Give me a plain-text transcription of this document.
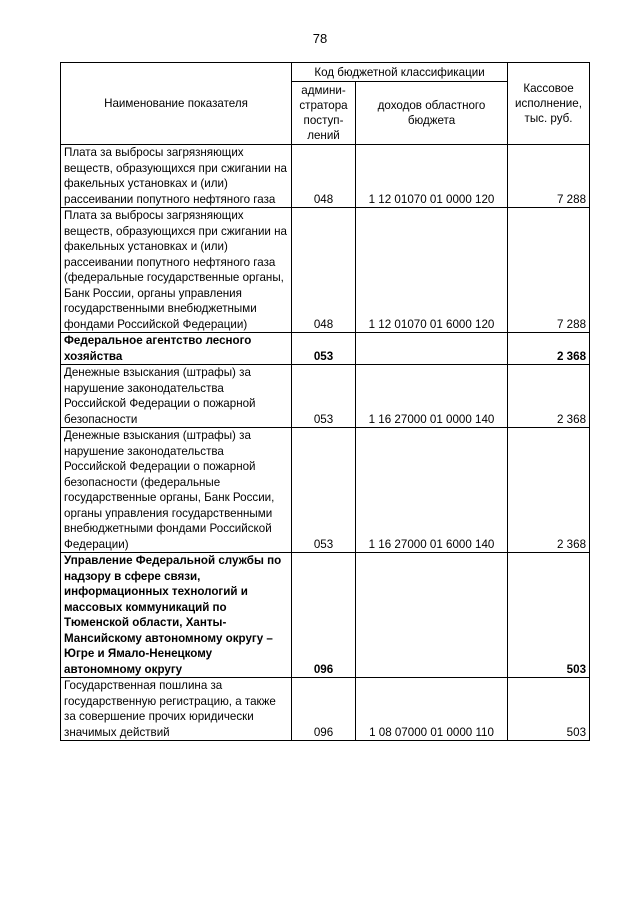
78
Наименование показателя	Код бюджетной классификации		Кассовое исполнение, тыс. руб.
	админи-стратора поступ-лений	доходов областного бюджета	
Плата за выбросы загрязняющих веществ, образующихся при сжигании на факельных установках и (или) рассеивании попутного нефтяного газа	048	1 12 01070 01 0000 120	7 288
Плата за выбросы загрязняющих веществ, образующихся при сжигании на факельных установках и (или) рассеивании попутного нефтяного газа (федеральные государственные органы, Банк России, органы управления государственными внебюджетными фондами Российской Федерации)	048	1 12 01070 01 6000 120	7 288
Федеральное агентство лесного хозяйства	053		2 368
Денежные взыскания (штрафы) за нарушение законодательства Российской Федерации о пожарной безопасности	053	1 16 27000 01 0000 140	2 368
Денежные взыскания (штрафы) за нарушение законодательства Российской Федерации о пожарной безопасности (федеральные государственные органы, Банк России, органы управления государственными внебюджетными фондами Российской Федерации)	053	1 16 27000 01 6000 140	2 368
Управление Федеральной службы по надзору в сфере связи, информационных технологий и массовых коммуникаций по Тюменской области, Ханты-Мансийскому автономному округу – Югре и Ямало-Ненецкому автономному округу	096		503
Государственная пошлина за государственную регистрацию, а также за совершение прочих юридически значимых действий	096	1 08 07000 01 0000 110	503
